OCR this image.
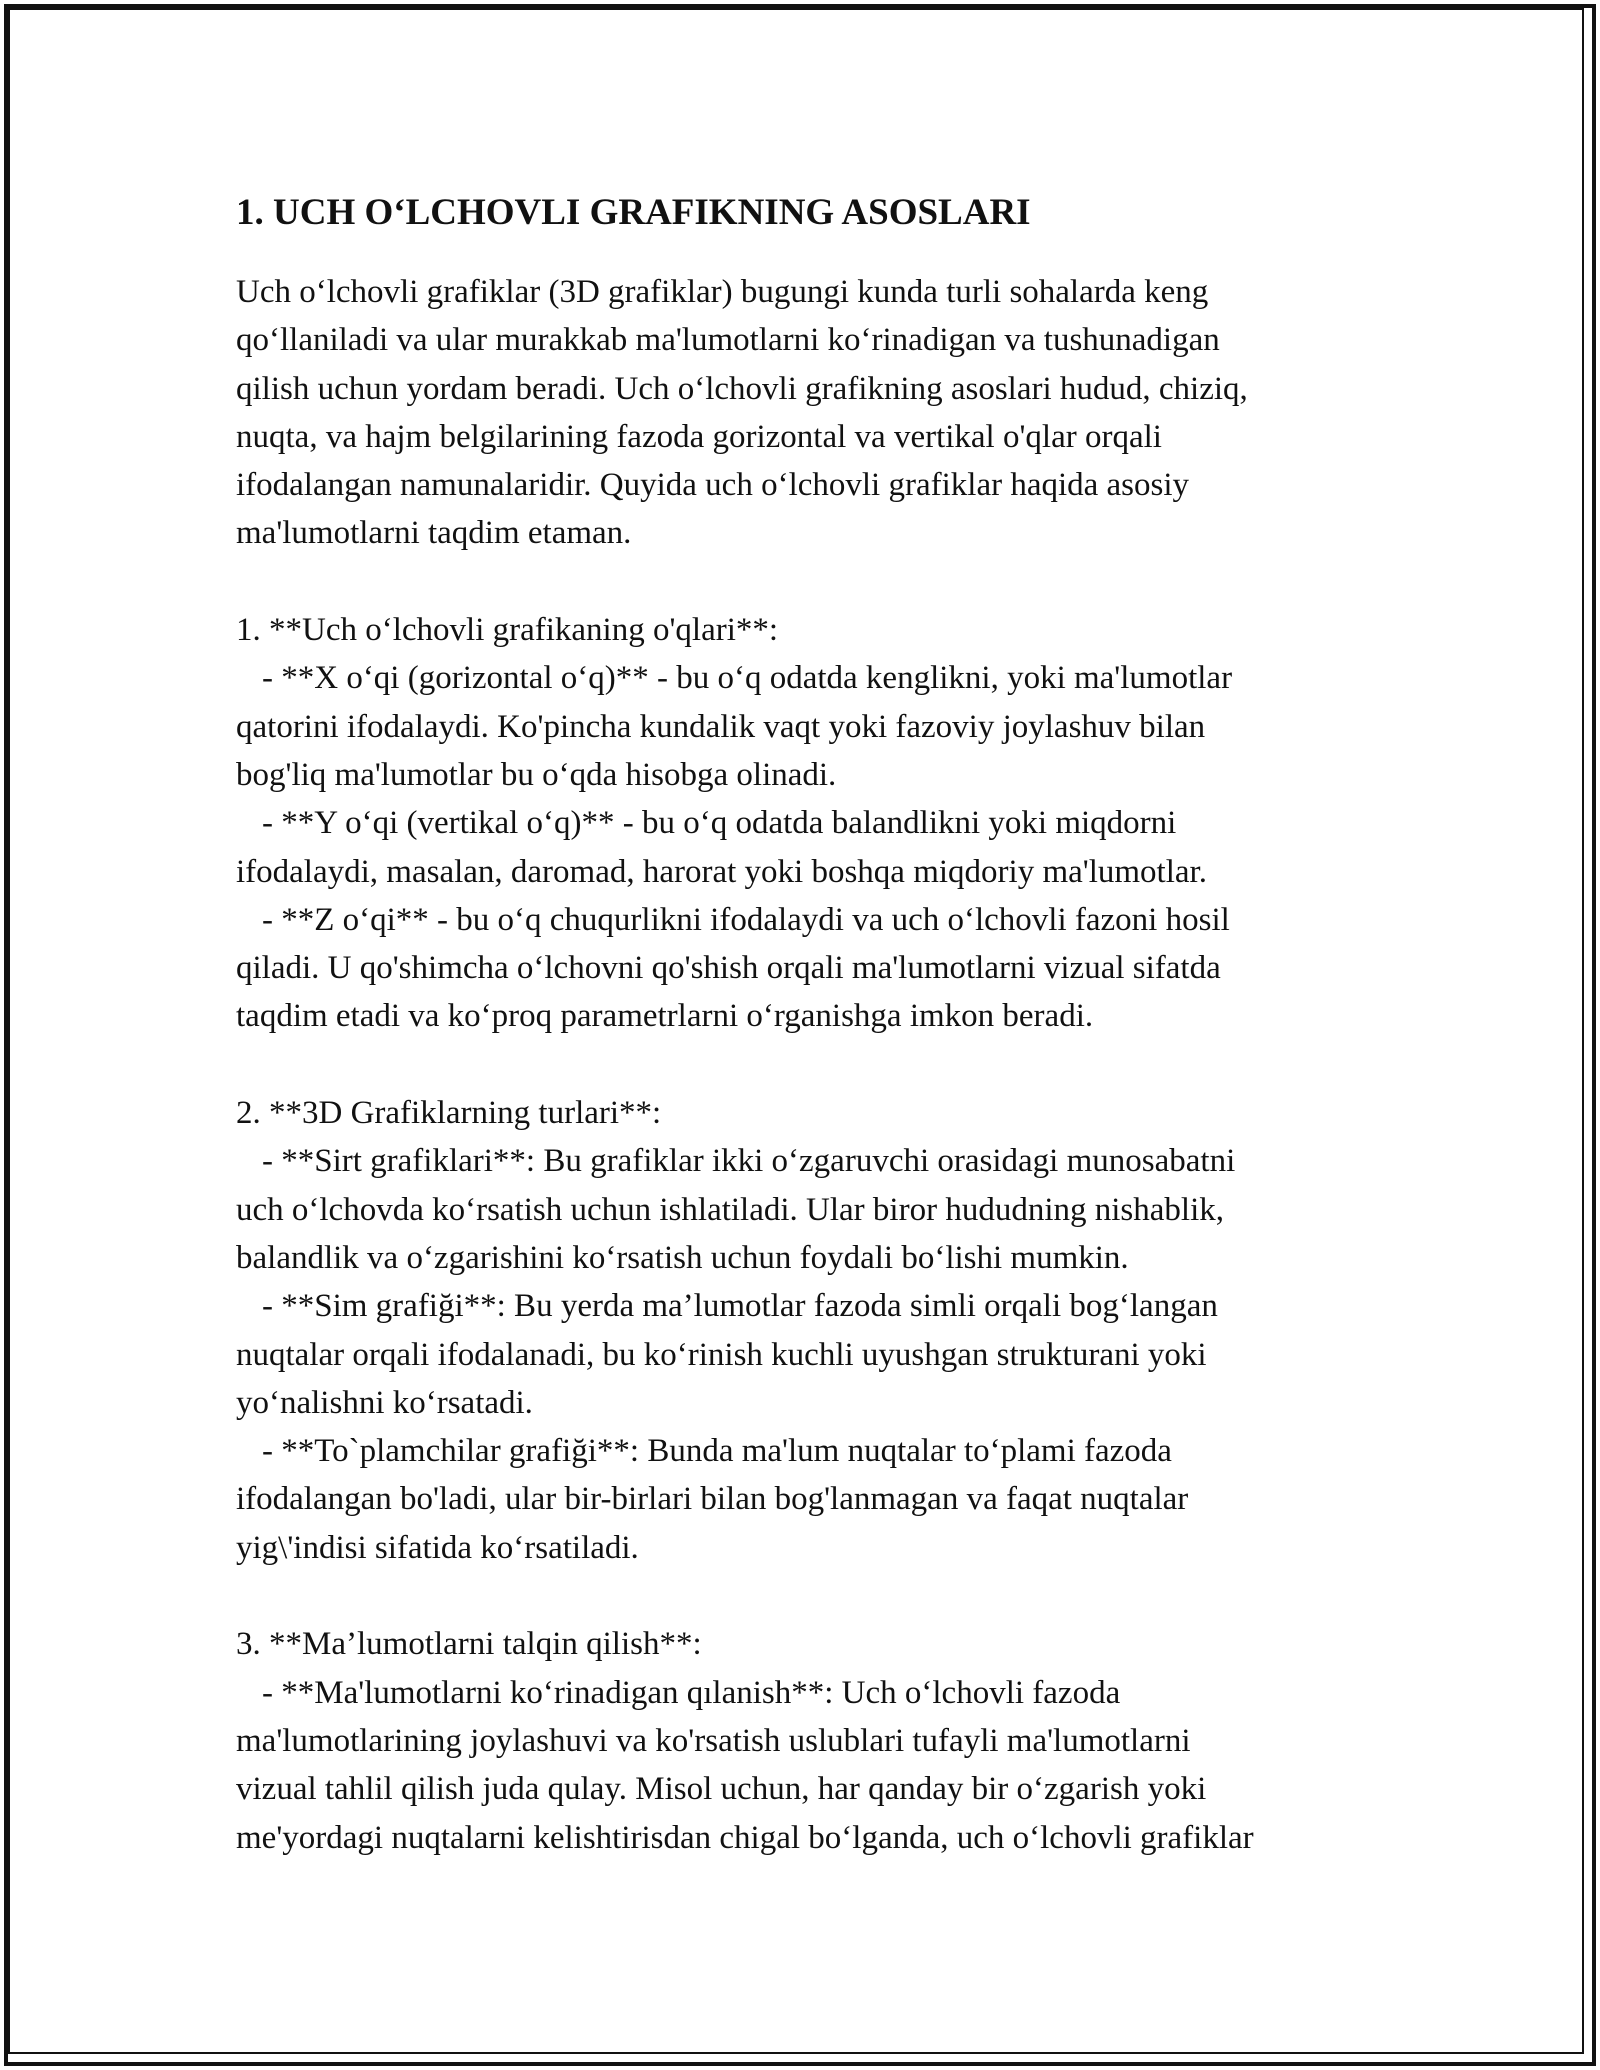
1. UCH O‘LCHOVLI GRAFIKNING ASOSLARI
Uch o‘lchovli grafiklar (3D grafiklar) bugungi kunda turli sohalarda keng
qo‘llaniladi va ular murakkab ma'lumotlarni ko‘rinadigan va tushunadigan
qilish uchun yordam beradi. Uch o‘lchovli grafikning asoslari hudud, chiziq,
nuqta, va hajm belgilarining fazoda gorizontal va vertikal o'qlar orqali
ifodalangan namunalaridir. Quyida uch o‘lchovli grafiklar haqida asosiy
ma'lumotlarni taqdim etaman.
1. **Uch o‘lchovli grafikaning o'qlari**:
- **X o‘qi (gorizontal o‘q)** - bu o‘q odatda kenglikni, yoki ma'lumotlar
qatorini ifodalaydi. Ko'pincha kundalik vaqt yoki fazoviy joylashuv bilan
bog'liq ma'lumotlar bu o‘qda hisobga olinadi.
- **Y o‘qi (vertikal o‘q)** - bu o‘q odatda balandlikni yoki miqdorni
ifodalaydi, masalan, daromad, harorat yoki boshqa miqdoriy ma'lumotlar.
- **Z o‘qi** - bu o‘q chuqurlikni ifodalaydi va uch o‘lchovli fazoni hosil
qiladi. U qo'shimcha o‘lchovni qo'shish orqali ma'lumotlarni vizual sifatda
taqdim etadi va ko‘proq parametrlarni o‘rganishga imkon beradi.
2. **3D Grafiklarning turlari**:
- **Sirt grafiklari**: Bu grafiklar ikki o‘zgaruvchi orasidagi munosabatni
uch o‘lchovda ko‘rsatish uchun ishlatiladi. Ular biror hududning nishablik,
balandlik va o‘zgarishini ko‘rsatish uchun foydali bo‘lishi mumkin.
- **Sim grafiği**: Bu yerda ma’lumotlar fazoda simli orqali bog‘langan
nuqtalar orqali ifodalanadi, bu ko‘rinish kuchli uyushgan strukturani yoki
yo‘nalishni ko‘rsatadi.
- **To`plamchilar grafiği**: Bunda ma'lum nuqtalar to‘plami fazoda
ifodalangan bo'ladi, ular bir-birlari bilan bog'lanmagan va faqat nuqtalar
yig\'indisi sifatida ko‘rsatiladi.
3. **Ma’lumotlarni talqin qilish**:
- **Ma'lumotlarni ko‘rinadigan qılanish**: Uch o‘lchovli fazoda
ma'lumotlarining joylashuvi va ko'rsatish uslublari tufayli ma'lumotlarni
vizual tahlil qilish juda qulay. Misol uchun, har qanday bir o‘zgarish yoki
me'yordagi nuqtalarni kelishtirisdan chigal bo‘lganda, uch o‘lchovli grafiklar
